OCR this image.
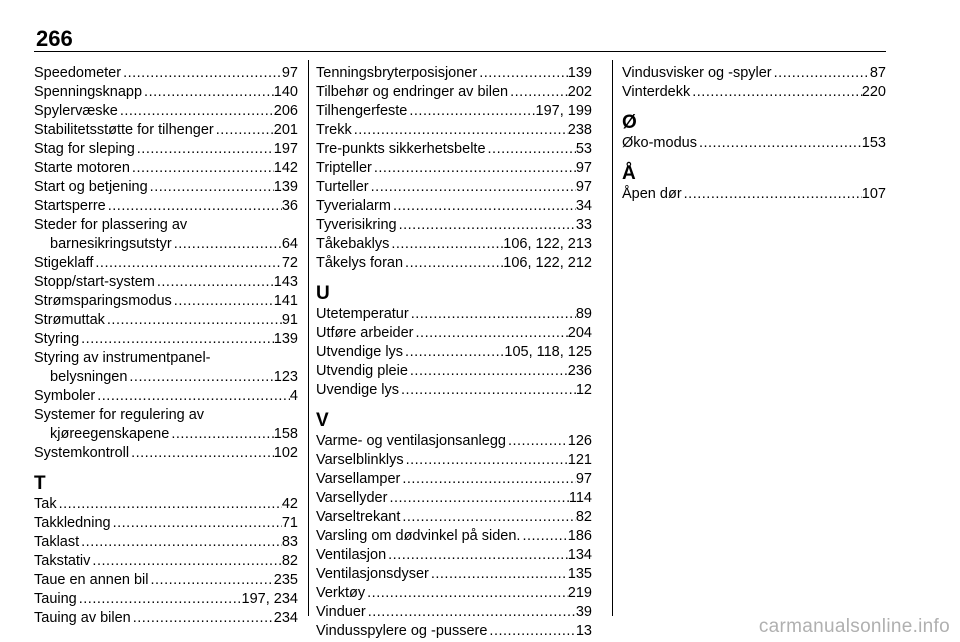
266
Speedometer .....	97
Spenningsknapp .....	140
Spylervæske .....	206
Stabilitetsstøtte for tilhenger .....	201
Stag for sleping .....	197
Starte motoren .....	142
Start og betjening .....	139
Startsperre .....	36
Steder for plassering av
barnesikringsutstyr .....	64
Stigeklaff .....	72
Stopp/start-system .....	143
Strømsparingsmodus .....	141
Strømuttak .....	91
Styring .....	139
Styring av instrumentpanel-
belysningen .....	123
Symboler .....	4
Systemer for regulering av
kjøreegenskapene .....	158
Systemkontroll .....	102
T
Tak .....	42
Takkledning .....	71
Taklast .....	83
Takstativ .....	82
Taue en annen bil .....	235
Tauing .....	197, 234
Tauing av bilen .....	234
Tenningsbryterposisjoner .....	139
Tilbehør og endringer av bilen .....	202
Tilhengerfeste .....	197, 199
Trekk .....	238
Tre-punkts sikkerhetsbelte .....	53
Tripteller .....	97
Turteller .....	97
Tyverialarm .....	34
Tyverisikring .....	33
Tåkebaklys .....	106, 122, 213
Tåkelys foran .....	106, 122, 212
U
Utetemperatur .....	89
Utføre arbeider .....	204
Utvendige lys .....	105, 118, 125
Utvendig pleie .....	236
Uvendige lys .....	12
V
Varme- og ventilasjonsanlegg .....	126
Varselblinklys .....	121
Varsellamper .....	97
Varsellyder .....	114
Varseltrekant .....	82
Varsling om dødvinkel på siden. .....	186
Ventilasjon .....	134
Ventilasjonsdyser .....	135
Verktøy .....	219
Vinduer .....	39
Vindusspylere og -pussere .....	13
Vindusvisker og -spyler .....	87
Vinterdekk .....	220
Ø
Øko-modus .....	153
Å
Åpen dør .....	107
carmanualsonline.info
